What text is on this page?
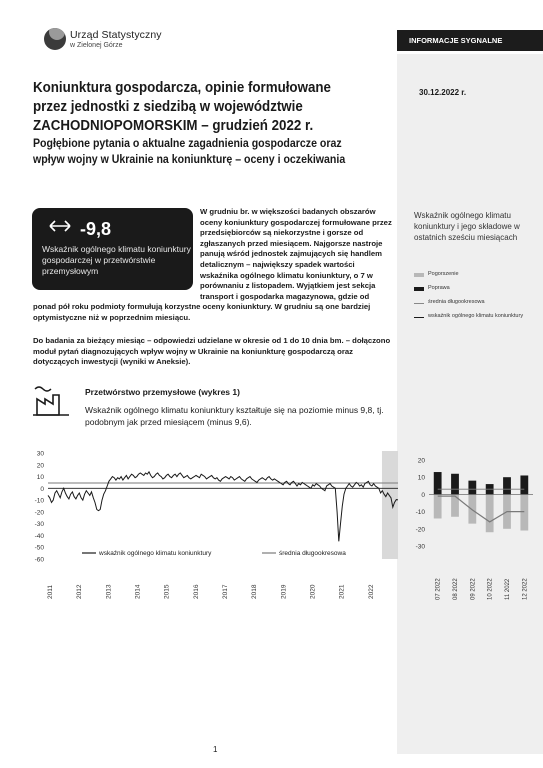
Urząd Statystyczny
w Zielonej Górze
INFORMACJE SYGNALNE
30.12.2022 r.
Koniunktura gospodarcza, opinie formułowane przez jednostki z siedzibą w województwie ZACHODNIOPOMORSKIM – grudzień 2022 r.
Pogłębione pytania o aktualne zagadnienia gospodarcze oraz wpływ wojny w Ukrainie na koniunkturę – oceny i oczekiwania
-9,8
Wskaźnik ogólnego klimatu koniunktury gospodarczej w przetwórstwie przemysłowym
W grudniu br. w większości badanych obszarów oceny koniunktury gospodarczej formułowane przez przedsiębiorców są niekorzystne i gorsze od zgłaszanych przed miesiącem. Najgorsze nastroje panują wśród jednostek zajmujących się handlem detalicznym – największy spadek wartości wskaźnika ogólnego klimatu koniunktury, o 7 w porównaniu z listopadem. Wyjątkiem jest sekcja transport i gospodarka magazynowa, gdzie od
ponad pół roku podmioty formułują korzystne oceny koniunktury. W grudniu są one bardziej optymistyczne niż w poprzednim miesiącu.
Do badania za bieżący miesiąc – odpowiedzi udzielane w okresie od 1 do 10 dnia bm. – dołączono moduł pytań diagnozujących wpływ wojny w Ukrainie na koniunkturę gospodarczą oraz dotyczących inwestycji (wyniki w Aneksie).
Wskaźnik ogólnego klimatu koniunktury i jego składowe w ostatnich sześciu miesiącach
Pogorszenie
Poprawa
średnia długookresowa
wskaźnik ogólnego klimatu koniunktury
Przetwórstwo przemysłowe (wykres 1)
Wskaźnik ogólnego klimatu koniunktury kształtuje się na poziomie minus 9,8, tj. podobnym jak przed miesiącem (minus 9,6).
30
20
10
0
-10
-20
-30
-40
-50
-60
2011	2012	2013	2014	2015	2016	2017	2018	2019	2020	2021	2022
wskaźnik ogólnego klimatu koniunktury	średnia długookresowa
20
10
0
-10
-20
-30
07 2022 08 2022 09 2022 10 2022 11 2022 12 2022
1
